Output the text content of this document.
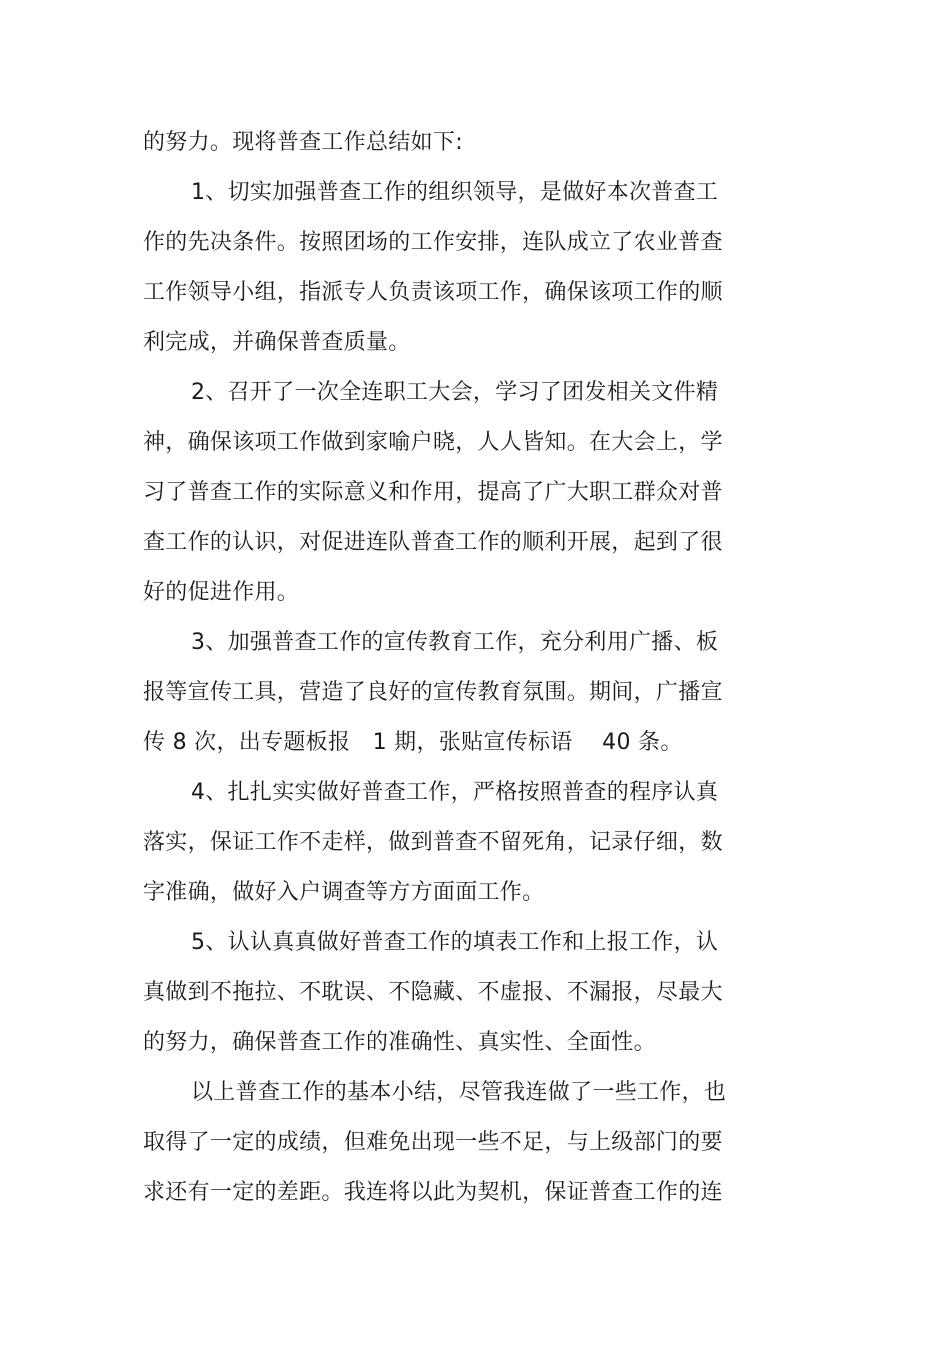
的努力。现将普查工作总结如下:
1、切实加强普查工作的组织领导，是做好本次普查工
作的先决条件。按照团场的工作安排，连队成立了农业普查
工作领导小组，指派专人负责该项工作，确保该项工作的顺
利完成，并确保普查质量。
2、召开了一次全连职工大会，学习了团发相关文件精
神，确保该项工作做到家喻户晓，人人皆知。在大会上，学
习了普查工作的实际意义和作用，提高了广大职工群众对普
查工作的认识，对促进连队普查工作的顺利开展，起到了很
好的促进作用。
3、加强普查工作的宣传教育工作，充分利用广播、板
报等宣传工具，营造了良好的宣传教育氛围。期间，广播宣
传 8 次，出专题板报　1 期，张贴宣传标语　 40 条。
4、扎扎实实做好普查工作，严格按照普查的程序认真
落实，保证工作不走样，做到普查不留死角，记录仔细，数
字准确，做好入户调查等方方面面工作。
5、认认真真做好普查工作的填表工作和上报工作，认
真做到不拖拉、不耽误、不隐藏、不虚报、不漏报，尽最大
的努力，确保普查工作的准确性、真实性、全面性。
以上普查工作的基本小结，尽管我连做了一些工作，也
取得了一定的成绩，但难免出现一些不足，与上级部门的要
求还有一定的差距。我连将以此为契机，保证普查工作的连
